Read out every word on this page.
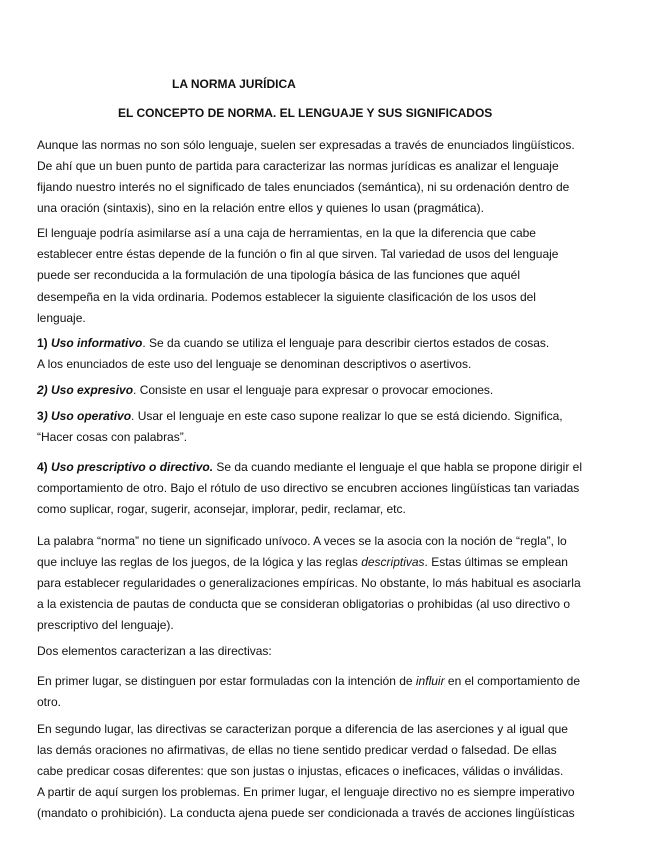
LA NORMA JURÍDICA
EL CONCEPTO DE NORMA. EL LENGUAJE Y SUS SIGNIFICADOS
Aunque las normas no son sólo lenguaje, suelen ser expresadas a través de enunciados lingüísticos.
De ahí que un buen punto de partida para caracterizar las normas jurídicas es analizar el lenguaje
fijando nuestro interés no el significado de tales enunciados (semántica), ni su ordenación dentro de
una oración (sintaxis), sino en la relación entre ellos y quienes lo usan (pragmática).
El lenguaje podría asimilarse así a una caja de herramientas, en la que la diferencia que cabe
establecer entre éstas depende de la función o fin al que sirven. Tal variedad de usos del lenguaje
puede ser reconducida a la formulación de una tipología básica de las funciones que aquél
desempeña en la vida ordinaria. Podemos establecer la siguiente clasificación de los usos del
lenguaje.
1) Uso informativo. Se da cuando se utiliza el lenguaje para describir ciertos estados de cosas.
A los enunciados de este uso del lenguaje se denominan descriptivos o asertivos.
2) Uso expresivo. Consiste en usar el lenguaje para expresar o provocar emociones.
3) Uso operativo. Usar el lenguaje en este caso supone realizar lo que se está diciendo. Significa,
“Hacer cosas con palabras”.
4) Uso prescriptivo o directivo. Se da cuando mediante el lenguaje el que habla se propone dirigir el
comportamiento de otro. Bajo el rótulo de uso directivo se encubren acciones lingüísticas tan variadas
como suplicar, rogar, sugerir, aconsejar, implorar, pedir, reclamar, etc.
La palabra “norma” no tiene un significado unívoco. A veces se la asocia con la noción de “regla”, lo
que incluye las reglas de los juegos, de la lógica y las reglas descriptivas. Estas últimas se emplean
para establecer regularidades o generalizaciones empíricas. No obstante, lo más habitual es asociarla
a la existencia de pautas de conducta que se consideran obligatorias o prohibidas (al uso directivo o
prescriptivo del lenguaje).
Dos elementos caracterizan a las directivas:
En primer lugar, se distinguen por estar formuladas con la intención de influir en el comportamiento de
otro.
En segundo lugar, las directivas se caracterizan porque a diferencia de las aserciones y al igual que
las demás oraciones no afirmativas, de ellas no tiene sentido predicar verdad o falsedad. De ellas
cabe predicar cosas diferentes: que son justas o injustas, eficaces o ineficaces, válidas o inválidas.
A partir de aquí surgen los problemas. En primer lugar, el lenguaje directivo no es siempre imperativo
(mandato o prohibición). La conducta ajena puede ser condicionada a través de acciones lingüísticas
